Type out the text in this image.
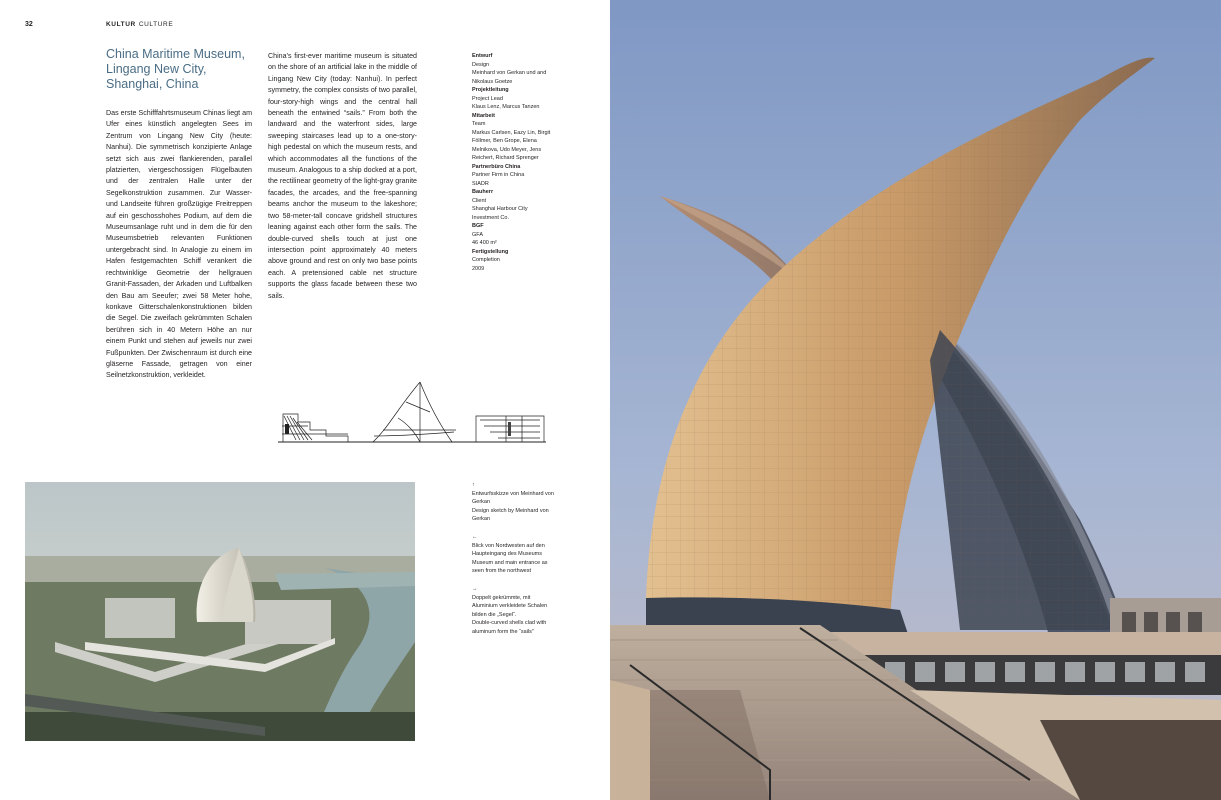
32	KULTUR CULTURE
China Maritime Museum, Lingang New City, Shanghai, China
Das erste Schifffahrtsmuseum Chinas liegt am Ufer eines künstlich angelegten Sees im Zentrum von Lingang New City (heute: Nanhui). Die symmetrisch konzipierte Anlage setzt sich aus zwei flankierenden, parallel platzierten, viergeschossigen Flügelbauten und der zentralen Halle unter der Segelkonstruktion zusammen. Zur Wasser- und Landseite führen großzügige Freitreppen auf ein geschosshohes Podium, auf dem die Museumsanlage ruht und in dem die für den Museumsbetrieb relevanten Funktionen untergebracht sind. In Analogie zu einem im Hafen festgemachten Schiff verankert die rechtwinklige Geometrie der hellgrauen Granit-Fassaden, der Arkaden und Luftbalken den Bau am Seeufer; zwei 58 Meter hohe, konkave Gitterschalenkonstruktionen bilden die Segel. Die zweifach gekrümmten Schalen berühren sich in 40 Metern Höhe an nur einem Punkt und stehen auf jeweils nur zwei Fußpunkten. Der Zwischenraum ist durch eine gläserne Fassade, getragen von einer Seilnetzkonstruktion, verkleidet.
China’s first-ever maritime museum is situated on the shore of an artificial lake in the middle of Lingang New City (today: Nanhui). In perfect symmetry, the complex consists of two parallel, four-story-high wings and the central hall beneath the entwined “sails.” From both the landward and the waterfront sides, large sweeping staircases lead up to a one-story-high pedestal on which the museum rests, and which accommodates all the functions of the museum. Analogous to a ship docked at a port, the rectilinear geometry of the light-gray granite facades, the arcades, and the free-spanning beams anchor the museum to the lakeshore; two 58-meter-tall concave gridshell structures leaning against each other form the sails. The double-curved shells touch at just one intersection point approximately 40 meters above ground and rest on only two base points each. A pretensioned cable net structure supports the glass facade between these two sails.
Entwurf
Design
Meinhard von Gerkan und and Nikolaus Goetze
Projektleitung
Project Lead
Klaus Lenz, Marcus Tanzen
Mitarbeit
Team
Markus Carlsen, Eazy Lin, Birgit Föllmer, Ben Grope, Elena Melnikova, Udo Meyer, Jens Reichert, Richard Sprenger
Partnerbüro China
Partner Firm in China
SIADR
Bauherr
Client
Shanghai Harbour City Investment Co.
BGF
GFA
46 400 m²
Fertigstellung
Completion
2009
↑
Entwurfsskizze von Meinhard von Gerkan
Design sketch by Meinhard von Gerkan
←
Blick von Nordwesten auf den Haupteingang des Museums
Museum and main entrance as seen from the northwest
→
Doppelt gekrümmte, mit Aluminium verkleidete Schalen bilden die „Segel“.
Double-curved shells clad with aluminum form the “sails”
